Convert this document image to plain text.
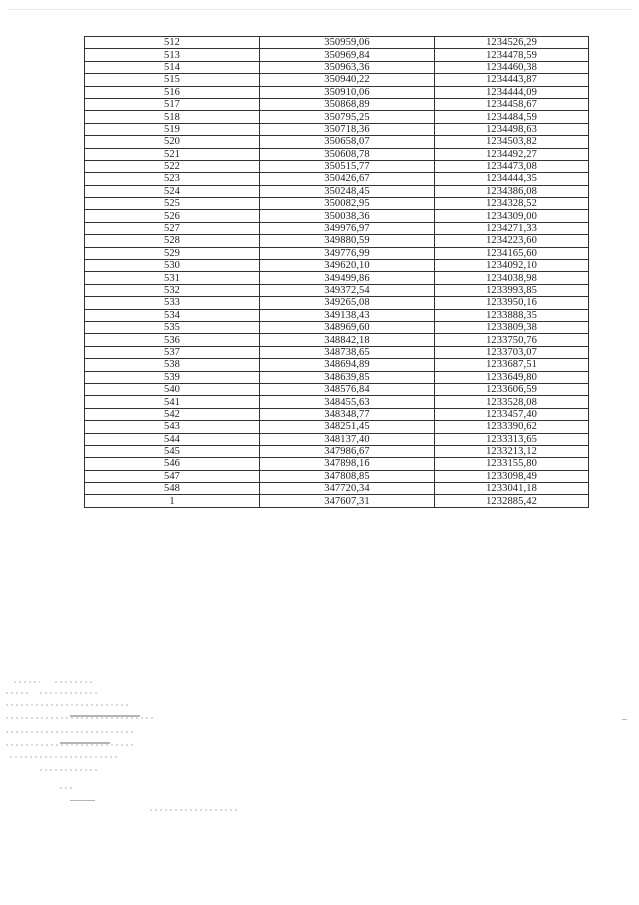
512	350959,06	1234526,29
513	350969,84	1234478,59
514	350963,36	1234460,38
515	350940,22	1234443,87
516	350910,06	1234444,09
517	350868,89	1234458,67
518	350795,25	1234484,59
519	350718,36	1234498,63
520	350658,07	1234503,82
521	350608,78	1234492,27
522	350515,77	1234473,08
523	350426,67	1234444,35
524	350248,45	1234386,08
525	350082,95	1234328,52
526	350038,36	1234309,00
527	349976,97	1234271,33
528	349880,59	1234223,60
529	349776,99	1234165,60
530	349620,10	1234092,10
531	349499,86	1234038,98
532	349372,54	1233993,85
533	349265,08	1233950,16
534	349138,43	1233888,35
535	348969,60	1233809,38
536	348842,18	1233750,76
537	348738,65	1233703,07
538	348694,89	1233687,51
539	348639,85	1233649,80
540	348576,84	1233606,59
541	348455,63	1233528,08
542	348348,77	1233457,40
543	348251,45	1233390,62
544	348137,40	1233313,65
545	347986,67	1233213,12
546	347898,16	1233155,80
547	347808,85	1233098,49
548	347720,34	1233041,18
1	347607,31	1232885,42
